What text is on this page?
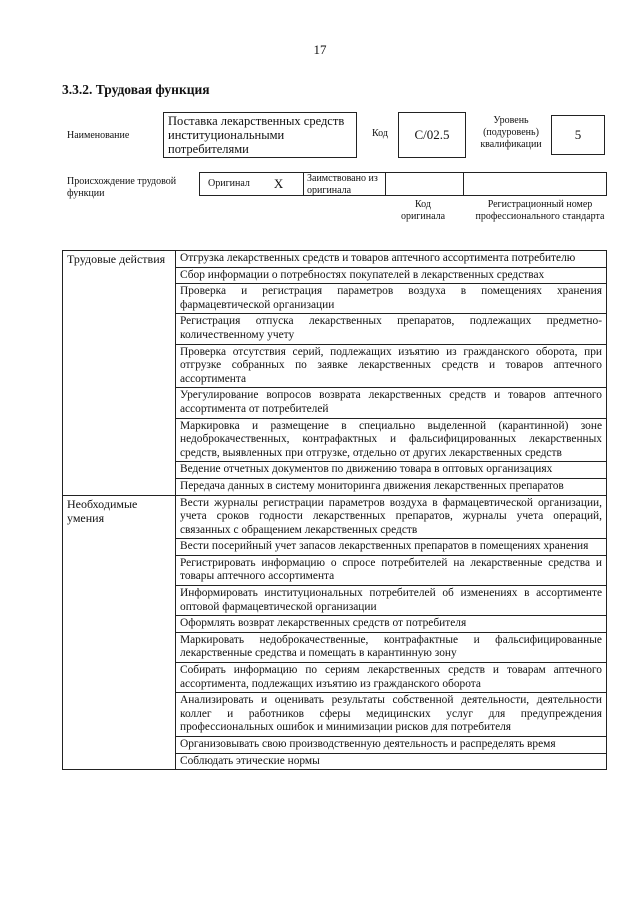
17
3.3.2. Трудовая функция
Наименование
Поставка лекарственных средств институциональными потребителями
Код	С/02.5
Уровень (подуровень) квалификации
5
Происхождение трудовой функции
Оригинал X	Заимствовано из оригинала
Код оригинала
Регистрационный номер профессионального стандарта
Трудовые действия	Отгрузка лекарственных средств и товаров аптечного ассортимента потребителю
	Сбор информации о потребностях покупателей в лекарственных средствах
	Проверка и регистрация параметров воздуха в помещениях хранения фармацевтической организации
	Регистрация отпуска лекарственных препаратов, подлежащих предметно-количественному учету
	Проверка отсутствия серий, подлежащих изъятию из гражданского оборота, при отгрузке собранных по заявке лекарственных средств и товаров аптечного ассортимента
	Урегулирование вопросов возврата лекарственных средств и товаров аптечного ассортимента от потребителей
	Маркировка и размещение в специально выделенной (карантинной) зоне недоброкачественных, контрафактных и фальсифицированных лекарственных средств, выявленных при отгрузке, отдельно от других лекарственных средств
	Ведение отчетных документов по движению товара в оптовых организациях
	Передача данных в систему мониторинга движения лекарственных препаратов
Необходимые умения	Вести журналы регистрации параметров воздуха в фармацевтической организации, учета сроков годности лекарственных препаратов, журналы учета операций, связанных с обращением лекарственных средств
	Вести посерийный учет запасов лекарственных препаратов в помещениях хранения
	Регистрировать информацию о спросе потребителей на лекарственные средства и товары аптечного ассортимента
	Информировать институциональных потребителей об изменениях в ассортименте оптовой фармацевтической организации
	Оформлять возврат лекарственных средств от потребителя
	Маркировать недоброкачественные, контрафактные и фальсифицированные лекарственные средства и помещать в карантинную зону
	Собирать информацию по сериям лекарственных средств и товарам аптечного ассортимента, подлежащих изъятию из гражданского оборота
	Анализировать и оценивать результаты собственной деятельности, деятельности коллег и работников сферы медицинских услуг для предупреждения профессиональных ошибок и минимизации рисков для потребителя
	Организовывать свою производственную деятельность и распределять время
	Соблюдать этические нормы
